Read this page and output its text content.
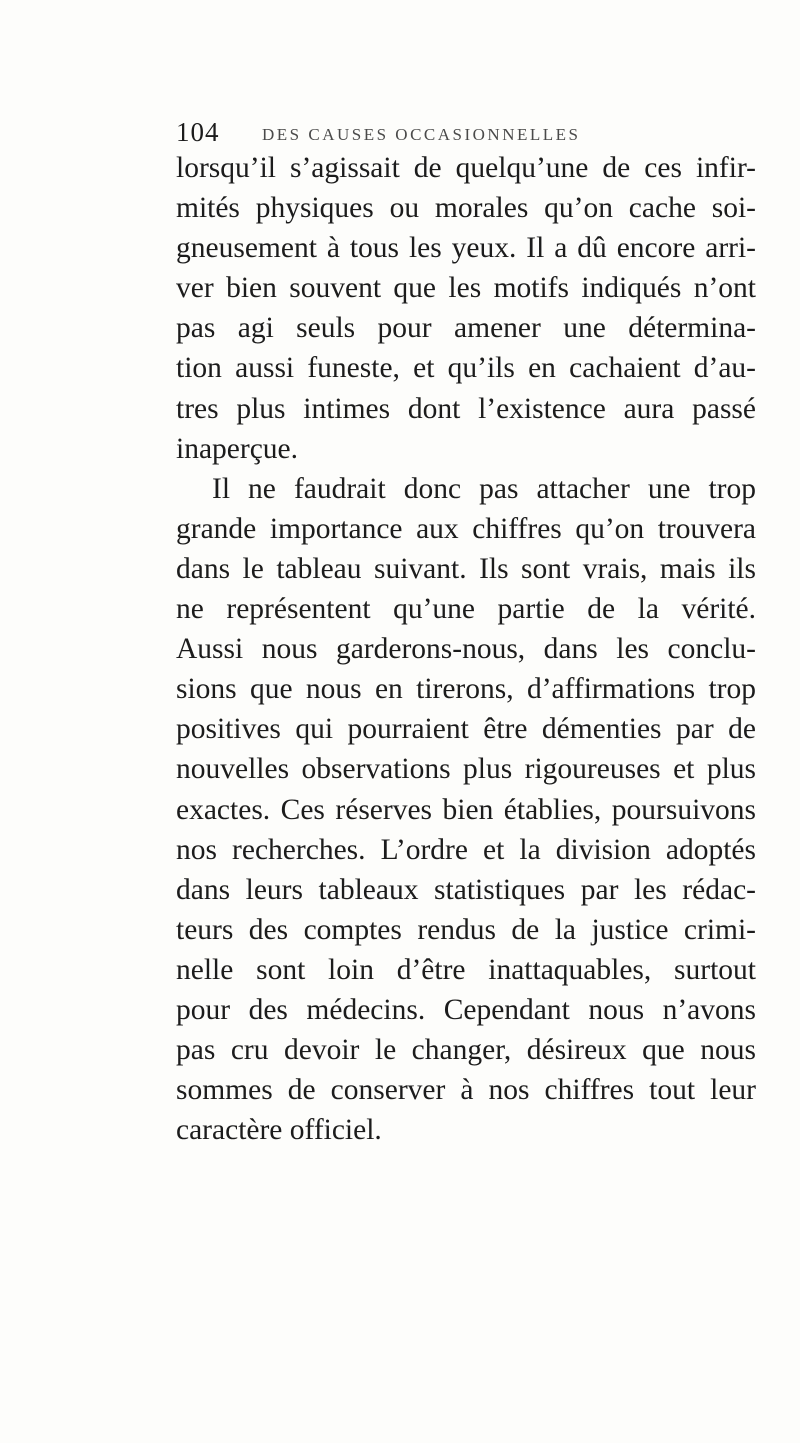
104	DES CAUSES OCCASIONNELLES
lorsqu’il s’agissait de quelqu’une de ces infir-
mités physiques ou morales qu’on cache soi-
gneusement à tous les yeux. Il a dû encore arri-
ver bien souvent que les motifs indiqués n’ont
pas agi seuls pour amener une détermina-
tion aussi funeste, et qu’ils en cachaient d’au-
tres plus intimes dont l’existence aura passé
inaperçue.
Il ne faudrait donc pas attacher une trop
grande importance aux chiffres qu’on trouvera
dans le tableau suivant. Ils sont vrais, mais ils
ne représentent qu’une partie de la vérité.
Aussi nous garderons-nous, dans les conclu-
sions que nous en tirerons, d’affirmations trop
positives qui pourraient être démenties par de
nouvelles observations plus rigoureuses et plus
exactes. Ces réserves bien établies, poursuivons
nos recherches. L’ordre et la division adoptés
dans leurs tableaux statistiques par les rédac-
teurs des comptes rendus de la justice crimi-
nelle sont loin d’être inattaquables, surtout
pour des médecins. Cependant nous n’avons
pas cru devoir le changer, désireux que nous
sommes de conserver à nos chiffres tout leur
caractère officiel.
